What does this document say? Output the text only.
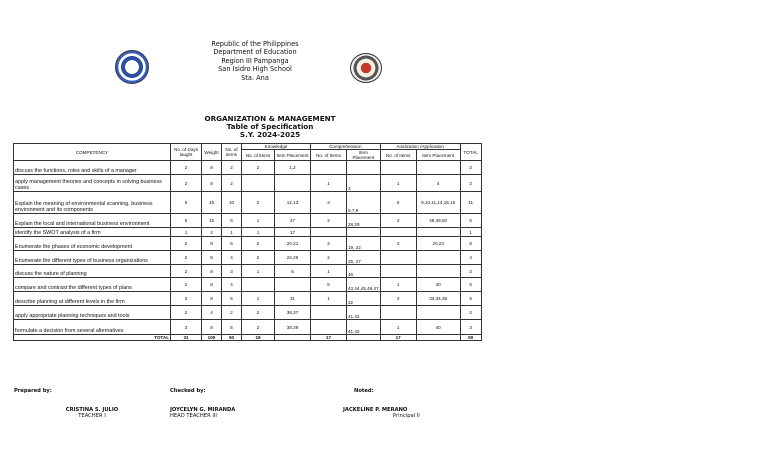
Republic of the Philippines
Department of Education
Region III Pampanga
San Isidro High School
Sta. Ana
ORGANIZATION & MANAGEMENT
Table of Specification
S.Y. 2024-2025
COMPETENCY	No. of Days taught	Weight	No. of items	Knowledge		Comprehension		Analization /Application		TOTAL
				No. of items	Item Placement	No. of Items	Item Placement	No. of items	Item Placement	
discuss the functions, roles and skills of a manager	2	8	2	2	1,2					2
apply management theories and concepts in solving business cases	2	8	2			1	3	1	4	2
Explain the meaning of environmental scanning, business environment and its components	5	15	10	2	12,13	3	5,7,8	6	9,10,11,14,15,16	11
Explain the local and international business environment	5	15	6	1	47	2	28,29	3	48,49,50	6
identify the SWOT analysis of a firm	1	2	1	1	17					1
Enumerate the phases of economic development	2	8	6	2	20,21	2	19, 22	2	20,23	6
Enumerate the different types of business organizations	2	8	4	2	24,26	2	25, 27			4
discuss the nature of planning	2	8	3	1	5	1	46			2
compare and contrast the different types of plans	2	8	4			5	43,44,45,46,47	1	30	6
describe planning at different levels in the firm	3	8	5	1	31	1	32	3	33,34,35	5
apply appropriate planning techniques and tools	2	4	2	2	36,37		41,42			2
formulate a decision from several alternatives	3	8	5	2	38,39		41,42	1	40	3
TOTAL	31	100	50	16		17		17		50
Prepared by:	Checked by:	Noted:
CRISTINA S. JULIO
TEACHER I
JOYCELYN G. MIRANDA
HEAD TEACHER III
JACKELINE P. MERANO
Principal II
